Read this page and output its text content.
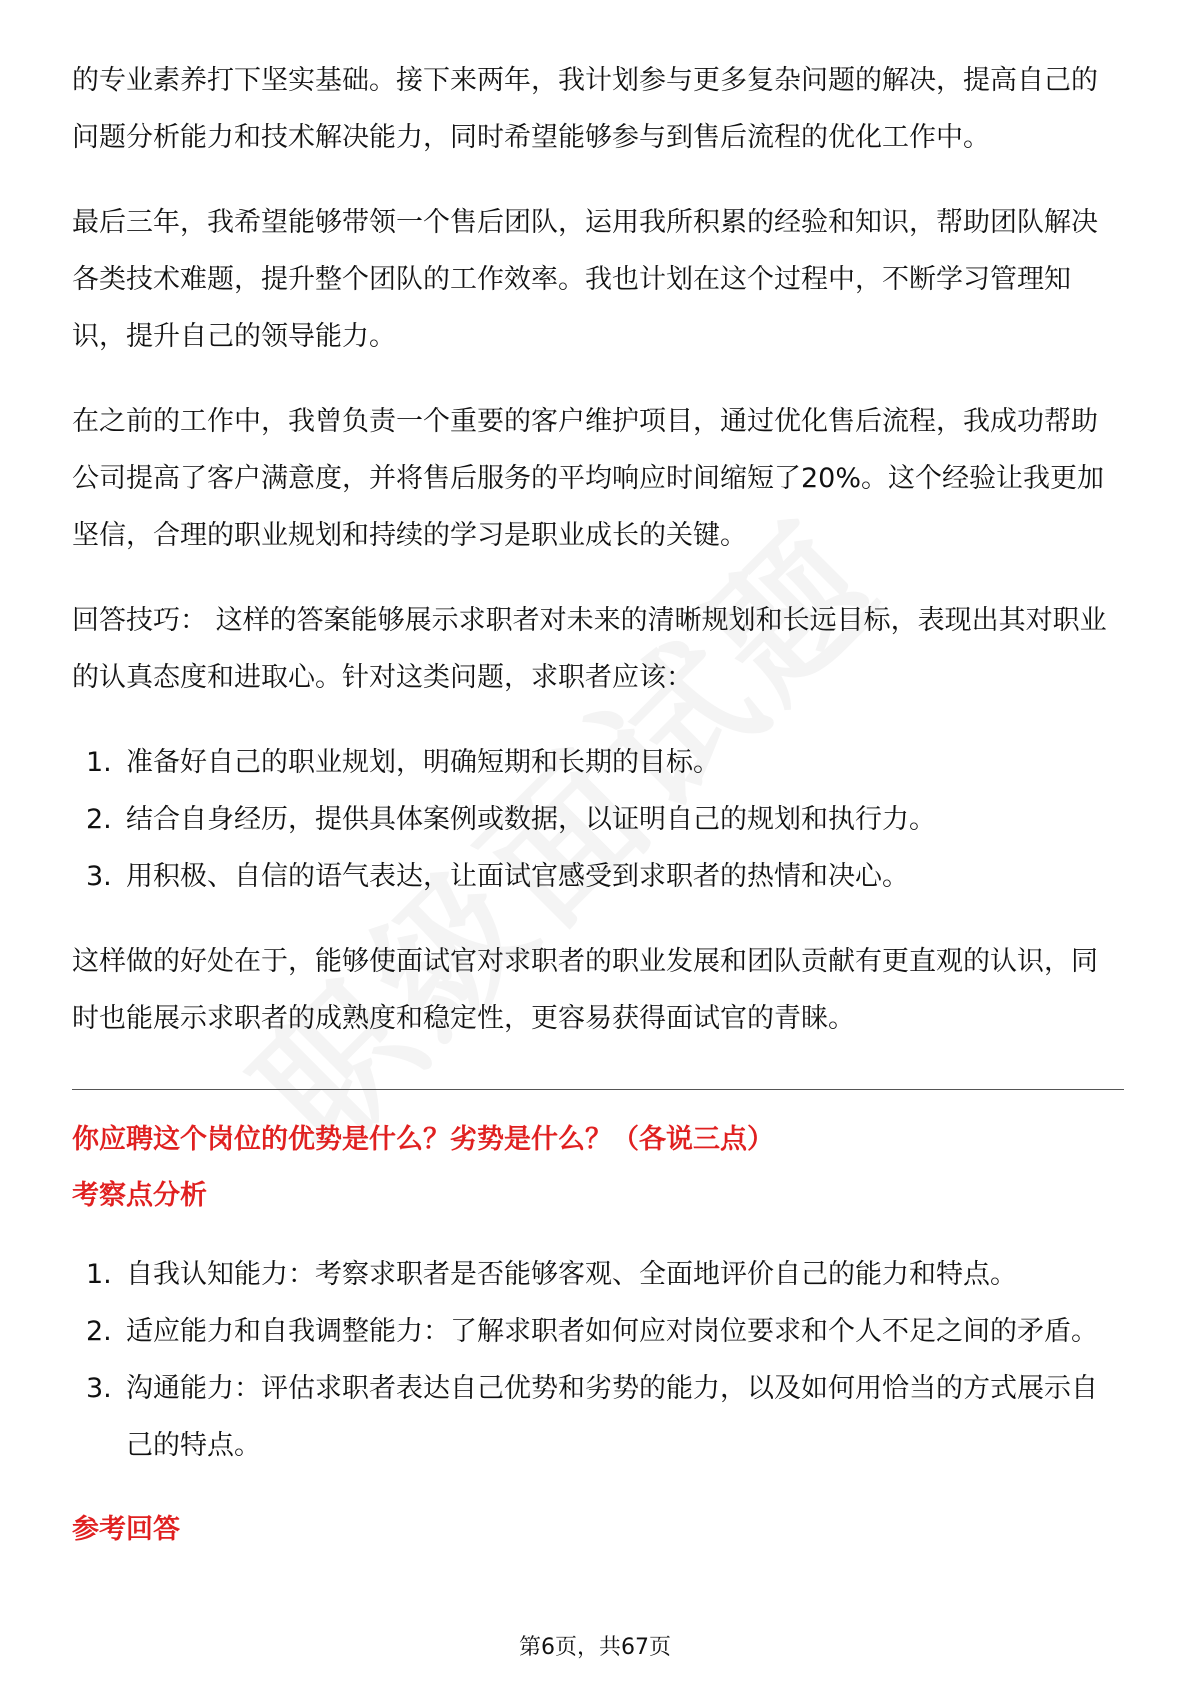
的专业素养打下坚实基础。接下来两年，我计划参与更多复杂问题的解决，提高自己的问题分析能力和技术解决能力，同时希望能够参与到售后流程的优化工作中。

最后三年，我希望能够带领一个售后团队，运用我所积累的经验和知识，帮助团队解决各类技术难题，提升整个团队的工作效率。我也计划在这个过程中，不断学习管理知识，提升自己的领导能力。

在之前的工作中，我曾负责一个重要的客户维护项目，通过优化售后流程，我成功帮助公司提高了客户满意度，并将售后服务的平均响应时间缩短了20%。这个经验让我更加坚信，合理的职业规划和持续的学习是职业成长的关键。

回答技巧： 这样的答案能够展示求职者对未来的清晰规划和长远目标，表现出其对职业的认真态度和进取心。针对这类问题，求职者应该：

1. 准备好自己的职业规划，明确短期和长期的目标。
2. 结合自身经历，提供具体案例或数据，以证明自己的规划和执行力。
3. 用积极、自信的语气表达，让面试官感受到求职者的热情和决心。

这样做的好处在于，能够使面试官对求职者的职业发展和团队贡献有更直观的认识，同时也能展示求职者的成熟度和稳定性，更容易获得面试官的青睐。

你应聘这个岗位的优势是什么？劣势是什么？（各说三点）

考察点分析

1. 自我认知能力：考察求职者是否能够客观、全面地评价自己的能力和特点。
2. 适应能力和自我调整能力：了解求职者如何应对岗位要求和个人不足之间的矛盾。
3. 沟通能力：评估求职者表达自己优势和劣势的能力，以及如何用恰当的方式展示自己的特点。

参考回答

第6页，共67页
